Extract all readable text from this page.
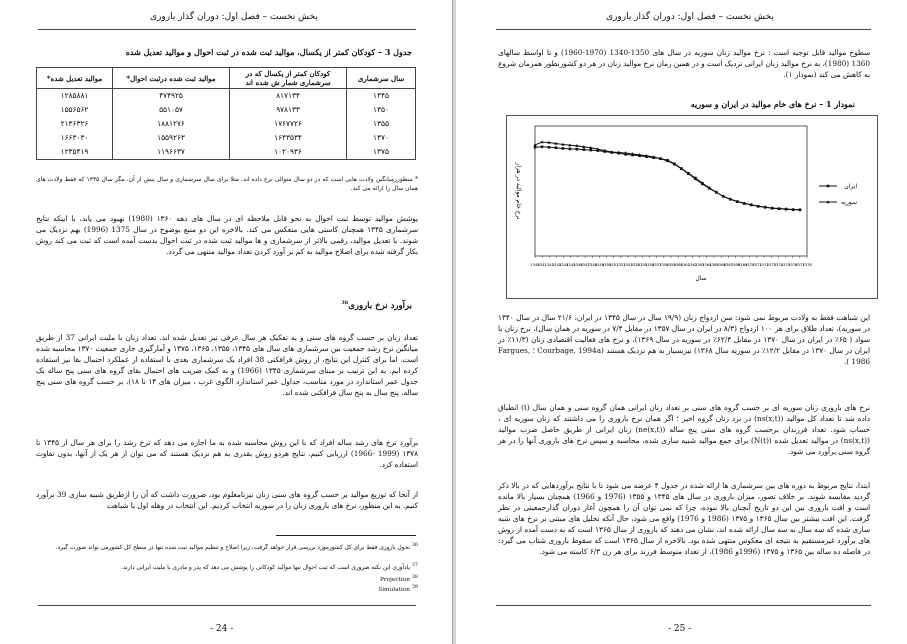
بخش نخست – فصل اول: دوران گذار باروری
جدول 3 – کودکان کمتر از یکسال، موالید ثبت شده در ثبت احوال و موالید تعدیل شده
سال سرشماری	کودکان کمتر از یکسال که در سرشماری شمار ش شده اند	موالید ثبت شده درثبت احوال*	موالید تعدیل شده*
۱۳۴۵	۸۱۷۱۳۴	۴۷۴۹۲۵	۱۲۸۵۸۸۱
۱۳۵۰	۹۷۸۱۳۳	۵۵۱۰۵۷	۱۵۵۶۵۶۲
۱۳۵۵	۱۷۶۷۷۲۶	۱۸۸۱۲۷۶	۲۱۳۶۳۲۶
۱۳۷۰	۱۶۴۳۵۳۴	۱۵۵۹۲۶۳	۱۶۶۳۰۳۰
۱۳۷۵	۱۰۲۰۹۳۶	۱۱۹۶۶۳۷	۱۲۳۵۴۱۹
* منظوررمیانگین ولادت هایی است که در دو سال متوالی نرخ داده اند. مثلا برای سال سرشماری و سال پیش از آن، مگر سال ۱۳۴۵ که فقط ولادت های همان سال را ارائه می کند.
پوشش موالید توسط ثبت احوال به نحو قابل ملاحظه ای در سال های دهه ۱۳۶۰ (1980) بهبود می یابد، با اینکه نتایج سرشماری ۱۳۴۵ همچنان کاستی هایی منعکس می کند. بالاخره این دو منبع بوضوح در سال 1375 (1996) بهم نزدیک می شوند. با تعدیل موالید، رقمی بالاتر از سرشماری و ها موالید ثبت شده در ثبت احوال بدست آمده است که ثبت می کند روش بکار گرفته شده برای اصلاح موالید به کم بر آورد کردن تعداد موالید منتهی می گردد.
برآورد نرخ باروری$^{36}$
تعداد زنان بر حسب گروه های سنی و به تفکیک هر سال عرفی نیز تعدیل شده اند. تعداد زنان با ملیت ایرانی 37 از طریق میانگین نرخ رشد جمعیت بین سرشماری های سال های ۱۳۴۵، ۱۳۵۵، ۱۳۶۵، ۱۳۷۵ و آمارگیری جاری جمعیت ۱۳۷۰ محاسبه شده است. اما برای کنترل این نتایج، از روش فرافکنی 38 افراد یک سرشماری بعدی با استفاده از عملکرد احتمال بقا نیز استفاده کرده ایم. به این ترتیب بر مبنای سرشماری ۱۳۴۵ (1966) و به کمک ضریب های احتمال بقای گروه های سنی پنج ساله یک جدول عمر استاندارد در مورد مناسب، جداول عمر استاندارد الگوی غرب ، میزان های ۱۴ تا ۱۸)، بر حسب گروه های سنی پنج ساله، پنج سال به پنج سال فرافکنی شده اند.
برآورد نرخ های رشد ساله افراد که با این روش محاسبه شده به ما اجازه می دهد که نرخ رشد را برای هر سال از ۱۳۴۵ تا ۱۳۷۸ (1999 -1966) ارزیابی کنیم. نتایج هردو روش بقدری به هم نزدیک هستند که می توان از هر یک از آنها، بدون تفاوت استفاده کرد.
از آنجا که توزیع موالید بر حسب گروه های سنی زنان نیزنامعلوم بود، ضرورت داشت که آن را ازطریق شبیه سازی 39 برآورد کنیم. به این منظور، نرخ های باروری زنان را در سوریه انتخاب کردیم. این انتخاب در وهله اول با شباهت
$^{36}$ تحول باروری فقط برای کل کشورمورد بررسی قرار خواهد گرفت، زیرا اصلاح و تنظیم موالید ثبت شده تنها در سطح کل کشورمی تواند صورت گیرد.
$^{37}$ یادآوری این نکته ضروری است که ثبت احوال تنها موالید کودکانی را پوشش می دهد که پدر و مادری با ملیت ایرانی دارند.
$^{38}$ Projection
$^{39}$ Simulation
- 24 -
بخش نخست – فصل اول: دوران گذار باروری
سطوح موالید قابل توجیه است : نرخ موالید زنان سوریه در سال های 1350-1340 (1970-1960) و تا اواسط سالهای 1360 (1980)، به نرخ موالید زنان ایرانی نزدیک است و در همین زمان نرخ موالید زنان در هر دو کشوربطور همزمان شروع به کاهش می کند (نمودار ۱).
نمودار 1 – نرخ های خام موالید در ایران و سوریه
نرخ خام موالید در هزار
1340
1341
1342
1343
1344
1345
1346
1347
1348
1349
1350
1351
1352
1353
1354
1355
1356
1357
1358
1359
1360
1361
1362
1363
1364
1365
1366
1367
1368
1369
1370
1371
1372
1373
1374
1375
1376
1377
1378
سال
ایران
سوریه
این شباهت فقط به ولادت مربوط نمی شود: سن ازدواج زنان (۱۹/۹ سال در سال ۱۳۴۵ در ایران، ۲۱/۶ سال در سال ۱۳۴۰ در سوریه)، تعداد طلاق برای هر ۱۰۰ ازدواج (۸/۳ در ایران در سال ۱۳۵۷ در مقابل ۷/۴ در سوریه در همان سال)، نرخ زنان با سواد ( ۶۵٪ در ایران در سال ۱۳۷۰ در مقابل ۶۲/۴٪ در سوریه در سال ۱۳۶۹)، و نرخ های فعالیت اقتصادی زنان (۱۱/۳٪ در ایران در سال ۱۳۷۰ در مقابل ۱۲/۲٪ در سوریه سال ۱۳۶۸) نیزبسیار به هم نزدیک هستند (Courbage, 1994a ؛ Fargues, 1986 ).
نرخ های باروری زنان سوریه ای بر حسب گروه های سنی بر تعداد زنان ایرانی همان گروه سنی و همان سال (t) انطباق داده شد تا تعداد کل موالید (ns(x,t)) در نزد زنان گروه اخیر ؛ اگر همان نرخ باروری را می داشتند که زنان سوریه ای ، حساب شود. تعداد فرزندان برحسب گروه های سنی پنج ساله (ne(x,t)) زنان ایرانی از طریق حاصل ضرب موالید (ns(x,t)) در موالید تعدیل شده (N(t)) برای جمع موالید شبیه سازی شده، محاسبه و سپس نرخ های باروری آنها را در هر گروه سنی برآورد می شود.
ابتدا، نتایج مربوط به دوره های بین سرشماری ها ارائه شده در جدول ۴ عرضه می شود تا با نتایج برآوردهایی که در بالا ذکر گردید مقایسه شوند. بر خلاف تصور، میزان باروری در سال های ۱۳۴۵ و ۱۳۵۵ (1976 و 1966) همچنان بسیار بالا مانده است و افت باروری بین این دو تاریخ آنچنان بالا نبوده، چرا که نمی توان آن را همچون آغاز دوران گذارجمعیتی در نظر گرفت. این افت بیشتر بین سال ۱۳۶۵ و ۱۳۷۵ (1986 و 1976) واقع می شود، حال آنکه تحلیل های مبتنی بر نرخ های شبه سازی شده که سه سال به سه سال ارائه شده اند، نشان می دهند که باروری از سال ۱۳۶۵ است که به دست آمده از روش های برآورد غیرمستقیم به نتیجه ای معکوس منتهی شده بود. بالاخره از سال ۱۳۶۵ است که سقوط باروری شتاب می گیرد: در فاصله ده ساله بین ۱۳۶۵ و ۱۳۷۵ (1996و 1986)، از تعداد متوسط فرزند برای هر زن ۶/۳ کاسته می شود.
- 25 -
